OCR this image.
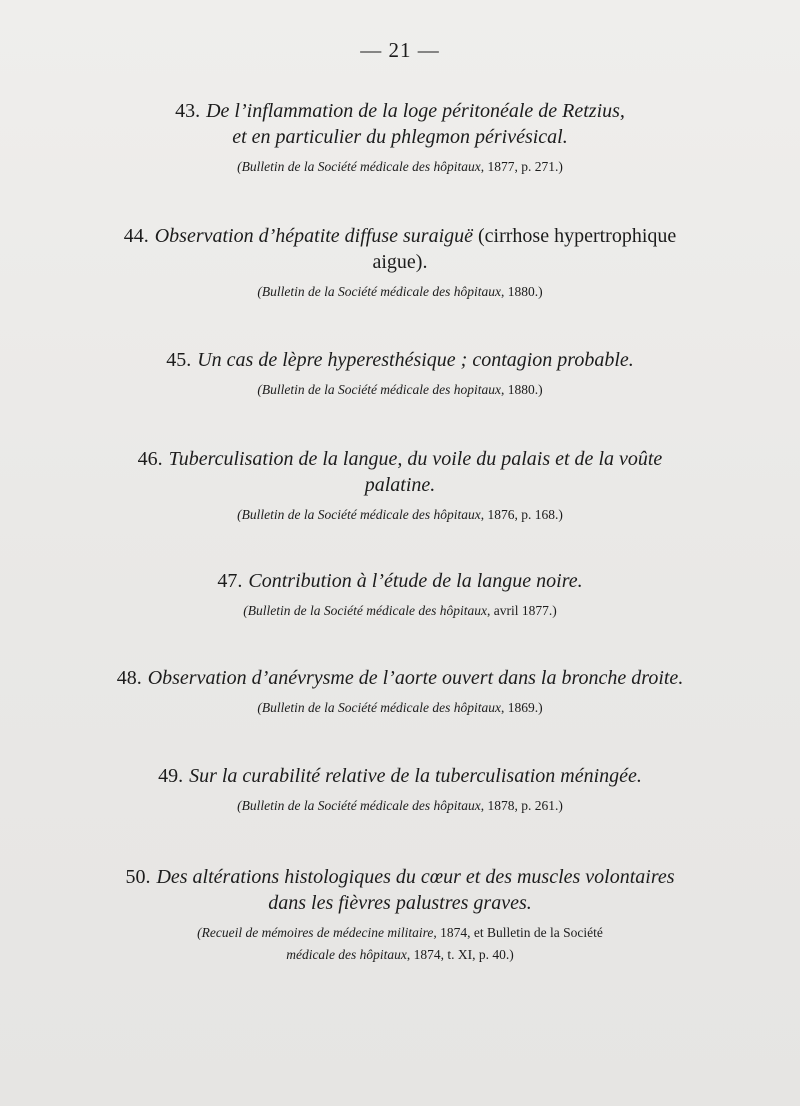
— 21 —
43. De l’inflammation de la loge péritonéale de Retzius,
et en particulier du phlegmon périvésical.
(Bulletin de la Société médicale des hôpitaux, 1877, p. 271.)
44. Observation d’hépatite diffuse suraiguë (cirrhose hypertrophique
aigue).
(Bulletin de la Société médicale des hôpitaux, 1880.)
45. Un cas de lèpre hyperesthésique ; contagion probable.
(Bulletin de la Société médicale des hopitaux, 1880.)
46. Tuberculisation de la langue, du voile du palais et de la voûte
palatine.
(Bulletin de la Société médicale des hôpitaux, 1876, p. 168.)
47. Contribution à l’étude de la langue noire.
(Bulletin de la Société médicale des hôpitaux, avril 1877.)
48. Observation d’anévrysme de l’aorte ouvert dans la bronche droite.
(Bulletin de la Société médicale des hôpitaux, 1869.)
49. Sur la curabilité relative de la tuberculisation méningée.
(Bulletin de la Société médicale des hôpitaux, 1878, p. 261.)
50. Des altérations histologiques du cœur et des muscles volontaires
dans les fièvres palustres graves.
(Recueil de mémoires de médecine militaire, 1874, et Bulletin de la Société
médicale des hôpitaux, 1874, t. XI, p. 40.)
